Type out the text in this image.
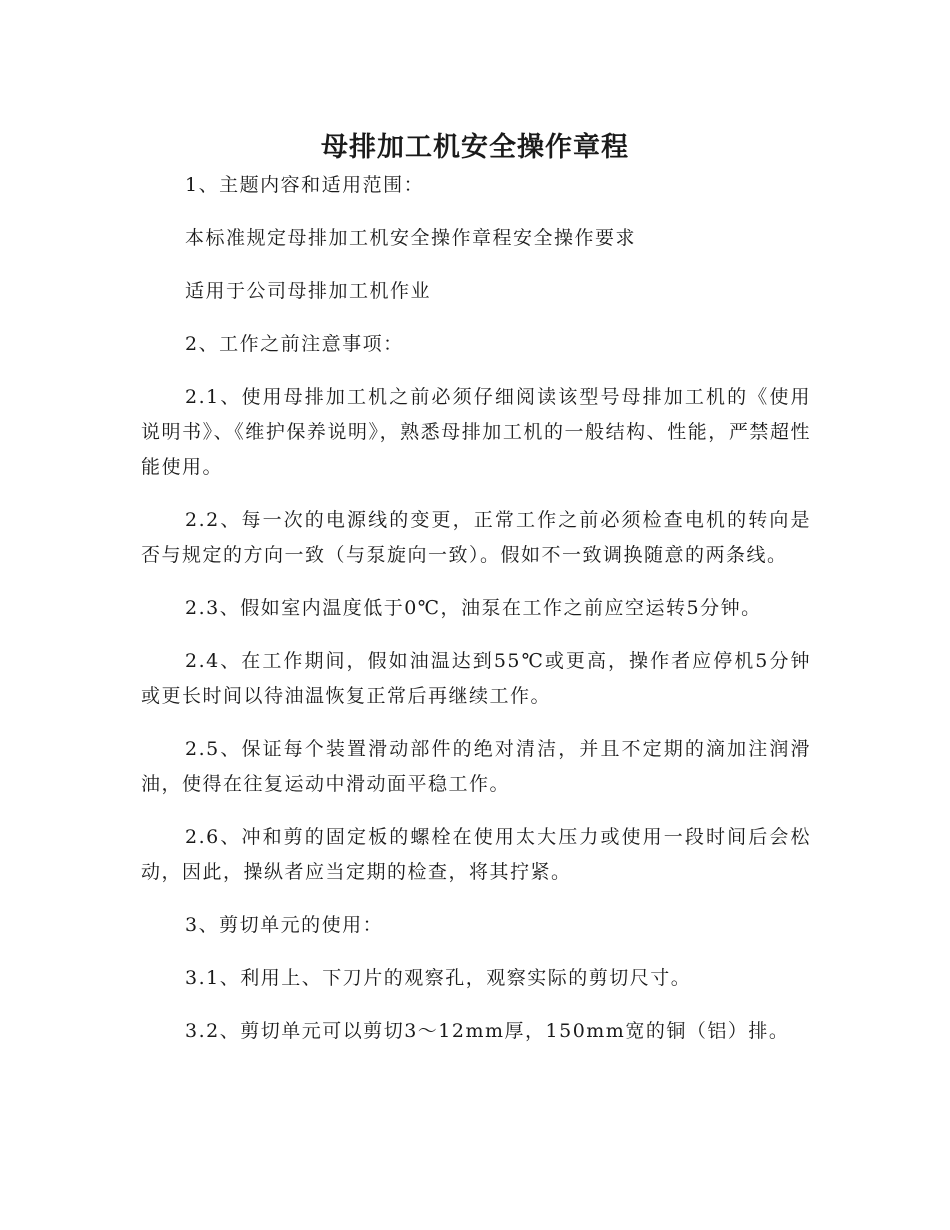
母排加工机安全操作章程

1、主题内容和适用范围：

本标准规定母排加工机安全操作章程安全操作要求

适用于公司母排加工机作业

2、工作之前注意事项：

2.1、使用母排加工机之前必须仔细阅读该型号母排加工机的《使用说明书》、《维护保养说明》，熟悉母排加工机的一般结构、性能，严禁超性能使用。

2.2、每一次的电源线的变更，正常工作之前必须检查电机的转向是否与规定的方向一致（与泵旋向一致）。假如不一致调换随意的两条线。

2.3、假如室内温度低于0℃，油泵在工作之前应空运转5分钟。

2.4、在工作期间，假如油温达到55℃或更高，操作者应停机5分钟或更长时间以待油温恢复正常后再继续工作。

2.5、保证每个装置滑动部件的绝对清洁，并且不定期的滴加注润滑油，使得在往复运动中滑动面平稳工作。

2.6、冲和剪的固定板的螺栓在使用太大压力或使用一段时间后会松动，因此，操纵者应当定期的检查，将其拧紧。

3、剪切单元的使用：

3.1、利用上、下刀片的观察孔，观察实际的剪切尺寸。

3.2、剪切单元可以剪切3～12mm厚，150mm宽的铜（铝）排。
